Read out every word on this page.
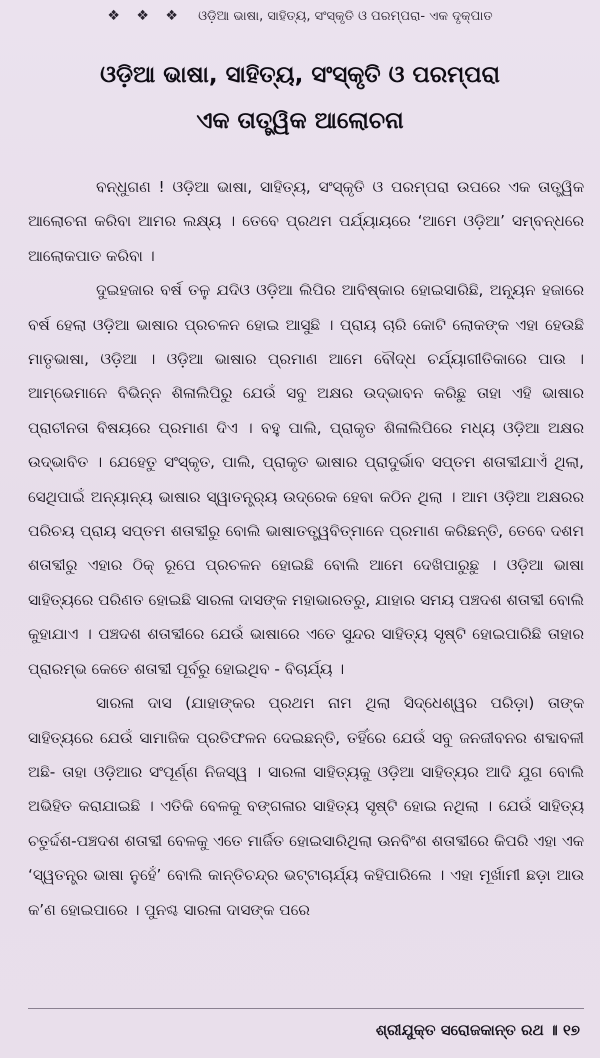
❖ ❖ ❖ ଓଡ଼ିଆ ଭାଷା, ସାହିତ୍ୟ, ସଂସ୍କୃତି ଓ ପରମ୍ପରା- ଏକ ଦୃକ୍‌ପାତ
ଓଡ଼ିଆ ଭାଷା, ସାହିତ୍ୟ, ସଂସ୍କୃତି ଓ ପରମ୍ପରା
ଏକ ତାତ୍ତ୍ୱିକ ଆଲୋଚନା

ବନ୍ଧୁଗଣ ! ଓଡ଼ିଆ ଭାଷା, ସାହିତ୍ୟ, ସଂସ୍କୃତି ଓ ପରମ୍ପରା ଉପରେ ଏକ ତାତ୍ତ୍ୱିକ ଆଲୋଚନା କରିବା ଆମର ଲକ୍ଷ୍ୟ । ତେବେ ପ୍ରଥମ ପର୍ଯ୍ୟାୟରେ ‘ଆମେ ଓଡ଼ିଆ’ ସମ୍ବନ୍ଧରେ ଆଲୋକପାତ କରିବା ।

ଦୁଇହଜାର ବର୍ଷ ତଳୁ ଯଦିଓ ଓଡ଼ିଆ ଲିପିର ଆବିଷ୍କାର ହୋଇସାରିଛି, ଅନ୍ୟୂନ ହଜାରେ ବର୍ଷ ହେଲା ଓଡ଼ିଆ ଭାଷାର ପ୍ରଚଳନ ହୋଇ ଆସୁଛି । ପ୍ରାୟ ଚାରି କୋଟି ଲୋକଙ୍କ ଏହା ହେଉଛି ମାତୃଭାଷା, ଓଡ଼ିଆ । ଓଡ଼ିଆ ଭାଷାର ପ୍ରମାଣ ଆମେ ବୌଦ୍ଧ ଚର୍ଯ୍ୟାଗୀତିକାରେ ପାଉ । ଆମ୍ଭେମାନେ ବିଭିନ୍ନ ଶିଳାଲିପିରୁ ଯେଉଁ ସବୁ ଅକ୍ଷର ଉଦ୍ଭାବନ କରିଛୁ ତାହା ଏହି ଭାଷାର ପ୍ରାଚୀନତା ବିଷୟରେ ପ୍ରମାଣ ଦିଏ । ବହୁ ପାଲି, ପ୍ରାକୃତ ଶିଳାଲିପିରେ ମଧ୍ୟ ଓଡ଼ିଆ ଅକ୍ଷର ଉଦ୍ଭାବିତ । ଯେହେତୁ ସଂସ୍କୃତ, ପାଲି, ପ୍ରାକୃତ ଭାଷାର ପ୍ରାଦୁର୍ଭାବ ସପ୍ତମ ଶତାବ୍ଦୀଯାଏଁ ଥିଲା, ସେଥିପାଇଁ ଅନ୍ୟାନ୍ୟ ଭାଷାର ସ୍ୱାତନ୍ତ୍ର୍ୟ ଉଦ୍ରେକ ହେବା କଠିନ ଥିଲା । ଆମ ଓଡ଼ିଆ ଅକ୍ଷରର ପରିଚୟ ପ୍ରାୟ ସପ୍ତମ ଶତାବ୍ଦୀରୁ ବୋଲି ଭାଷାତତ୍ତ୍ୱବିତ୍‌ମାନେ ପ୍ରମାଣ କରିଛନ୍ତି, ତେବେ ଦଶମ ଶତାବ୍ଦୀରୁ ଏହାର ଠିକ୍ ରୂପେ ପ୍ରଚଳନ ହୋଇଛି ବୋଲି ଆମେ ଦେଖିପାରୁଛୁ । ଓଡ଼ିଆ ଭାଷା ସାହିତ୍ୟରେ ପରିଣତ ହୋଇଛି ସାରଳା ଦାସଙ୍କ ମହାଭାରତରୁ, ଯାହାର ସମୟ ପଞ୍ଚଦଶ ଶତାବ୍ଦୀ ବୋଲି କୁହାଯାଏ । ପଞ୍ଚଦଶ ଶତାବ୍ଦୀରେ ଯେଉଁ ଭାଷାରେ ଏତେ ସୁନ୍ଦର ସାହିତ୍ୟ ସୃଷ୍ଟି ହୋଇପାରିଛି ତାହାର ପ୍ରାରମ୍ଭ କେତେ ଶତାବ୍ଦୀ ପୂର୍ବରୁ ହୋଇଥିବ - ବିଚାର୍ଯ୍ୟ ।

ସାରଳା ଦାସ (ଯାହାଙ୍କର ପ୍ରଥମ ନାମ ଥିଲା ସିଦ୍ଧେଶ୍ୱର ପରିଡ଼ା) ତାଙ୍କ ସାହିତ୍ୟରେ ଯେଉଁ ସାମାଜିକ ପ୍ରତିଫଳନ ଦେଇଛନ୍ତି, ତହିଁରେ ଯେଉଁ ସବୁ ଜନଜୀବନର ଶବ୍ଦାବଳୀ ଅଛି- ତାହା ଓଡ଼ିଆର ସଂପୂର୍ଣ୍ଣ ନିଜସ୍ୱ । ସାରଳା ସାହିତ୍ୟକୁ ଓଡ଼ିଆ ସାହିତ୍ୟର ଆଦି ଯୁଗ ବୋଲି ଅଭିହିତ କରାଯାଇଛି । ଏତିକି ବେଳକୁ ବଙ୍ଗଳାର ସାହିତ୍ୟ ସୃଷ୍ଟି ହୋଇ ନଥିଲା । ଯେଉଁ ସାହିତ୍ୟ ଚତୁର୍ଦ୍ଦଶ-ପଞ୍ଚଦଶ ଶତାବ୍ଦୀ ବେଳକୁ ଏତେ ମାର୍ଜିତ ହୋଇସାରିଥିଲା ଊନବିଂଶ ଶତାବ୍ଦୀରେ କିପରି ଏହା ଏକ ‘ସ୍ୱତନ୍ତ୍ର ଭାଷା ନୁହେଁ’ ବୋଲି କାନ୍ତିଚନ୍ଦ୍ର ଭଟ୍ଟାଚାର୍ଯ୍ୟ କହିପାରିଲେ । ଏହା ମୂର୍ଖାମୀ ଛଡ଼ା ଆଉ କ’ଣ ହୋଇପାରେ । ପୁନଶ୍ଚ ସାରଳା ଦାସଙ୍କ ପରେ

ଶ୍ରୀଯୁକ୍ତ ସରୋଜକାନ୍ତ ରଥ ॥ ୧୭
